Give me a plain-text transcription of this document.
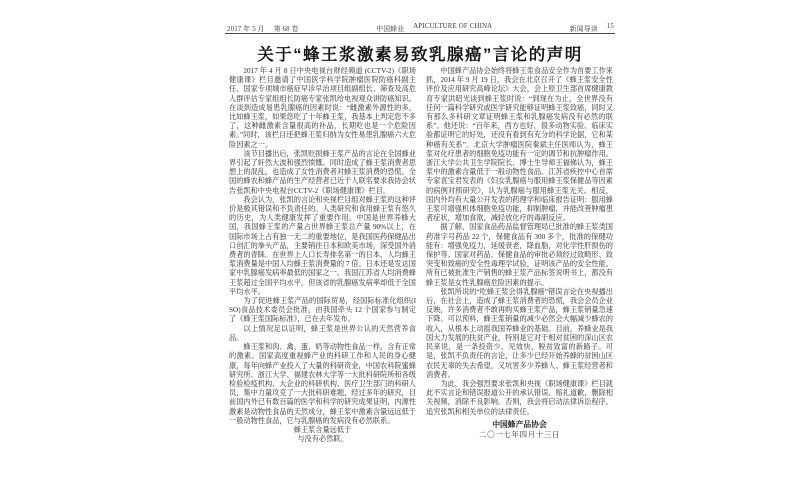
2017 年 5 月 第 68 卷	中国蜂业 APICULTURE OF CHINA	新闻导读 15
关于“蜂王浆激素易致乳腺癌”言论的声明

2017 年 4 月 8 日中央电视台财经频道 (CCTV-2)《职场健康课》栏目邀请了中国医学科学院肿瘤医院防癌科副主任、国家专项城市癌症早诊早治项目组副组长、筛查及高危人群评估专家组组长防癌专家张凯给电视观众讲防癌知识。在谈到造成易患乳腺癌的因素时说：“雌激素外源性的多，比如蜂王浆，如果您吃了十年蜂王浆，我基本上判定您不多了，这种雌激素含量很高的补品，长期吃也是一个危险因素。”同时，该栏目还把蜂王浆归纳为女性易患乳腺癌六大危险因素之一。

该节目播出后，张凯贬损蜂王浆产品的言论在全国蜂业界引起了轩然大波和强烈愤慨。同时造成了蜂王浆消费者思想上的混乱，也造成了女性消费者对蜂王浆消费的恐慌。全国的蜂农和蜂产品的生产经营者已近千人联名要求我协会状告张凯和中央电视台CCTV-2《职场健康课》栏目。

我会认为，张凯的言论和央视栏目组对蜂王浆的这种评价是极其错误和不负责任的。人类研究和食用蜂王浆有悠久的历史，为人类健康发挥了重要作用。中国是世界养蜂大国，我国蜂王浆的产量占世界蜂王浆总产量 90%以上，在国际市场上占有独一无二的重要地位，是我国医药保健品出口创汇的拳头产品，主要销往日本和欧美市场，深受国外消费者的青睐。在世界上人口长寿排名第一的日本，人均蜂王浆消费量是中国人均蜂王浆消费量的 7 倍。日本还是发达国家中乳腺癌发病率最低的国家之一。我国江苏省人均消费蜂王浆超过全国平均水平，但该省的乳腺癌发病率却低于全国平均水平。

为了促进蜂王浆产品的国际贸易，经国际标准化组织(ISO)食品技术委员会批准，由我国牵头 12 个国家参与制定了《蜂王浆国际标准》，已在去年发布。

以上情况足以证明，蜂王浆是世界公认的天然营养食品。

蜂王浆和肉、禽、蛋、奶等动物性食品一样，含有正常的激素。国家高度重视蜂产业的科研工作和人民的身心健康，每年向蜂产业投入了大量的科研资金，中国农科院蜜蜂研究所、浙江大学、福建农林大学等一大批科研院所和各级检验检疫机构、大企业的科研机构、医疗卫生部门的科研人员，集中力量攻克了一大批科研难题，经过多年的研究，目前国内外已有数百篇的医学和科学的研究成果证明，内源性激素是动物性食品的天然成分，蜂王浆中激素含量远远低于一般动物性食品，它与乳腺癌的发病没有必然联系。

蜂王浆含量远低于

与没有必然联。

中国蜂产品协会始终将蜂王浆食品安全作为首要工作来抓，2014 年 9 月 19 日，我会在北京召开了《蜂王浆安全性评价及应用研究高峰论坛》大会，会上原卫生部首席健康教育专家洪昭光谈到蜂王浆时说：“到现在为止，全世界没有任何一篇科学研究或医学研究能够证明蜂王浆致癌，同时又有那么多科研文章证明蜂王浆和乳腺癌发病没有必然的联系”。他还说：“百年来，西方也好，很多动物实验、临床实验都证明它的好处，还没有看到有充分的科学论据，它和某种癌有关系”。北京大学肿瘤医院秦斌主任医师认为，蜂王浆对化疗患者的细胞免疫功能有一定的调节和抗肿瘤作用。浙江大学公共卫生学院院长、博士生导师王福俤认为，蜂王浆中的激素含量低于一般动物性食品。江苏省疾控中心首席专家袁宝君发表的《妇女乳腺癌与服用蜂王浆保健品等因素的病例对照研究》，认为乳腺癌与服用蜂王浆无关。相反，国内外均有大量公开发表的药理学和临床报告证明：服用蜂王浆可增强机体细胞免疫功能，抑制肿瘤，并能改善肿瘤患者症状，增加食欲，减轻放化疗的毒副反应。

据了解，国家食品药品监督管理局已批准的蜂王浆类国药准字号药品 22 个，保健食品有 300 多个，批准的保健功能有：增强免疫力，延缓衰老，降血脂，对化学性肝损伤的保护等。国家对药品、保健食品的审批必须经过致畸形、致突变和致癌的安全性毒理学试验，证明该产品的安全性能。所有已被批准生产销售的蜂王浆产品标签说明书上，都没有蜂王浆是女性乳腺癌危险因素的提示。

张凯所说的“吃蜂王浆会得乳腺癌”错误言论在央视播出后，在社会上，造成了蜂王浆消费者的恐慌，我会会员企业反映，许多消费者不敢再购买蜂王浆产品，蜂王浆销量急速下降。可以预料，蜂王浆销量的减少必然会大幅减少蜂农的收入，从根本上动摇我国养蜂业的基础。目前，养蜂业是我国大力发展的扶贫产业，特别是它对于相对贫困的深山区农民来说，是一条投资少、见效快、脱贫致富的新路子。可是，张凯不负责任的言论，让多少已经开始养蜂的贫困山区农民无辜的失去希望，又坑害多少养蜂人、蜂王浆经营者和消费者。

为此，我会强烈要求张凯和央视《职场健康课》栏目就此不实言论和错误报道公开的承认错误、赔礼道歉，删除相关视频，消除不良影响。否则，我会将启动法律诉讼程序，追究张凯和相关单位的法律责任。

中国蜂产品协会
二〇一七年四月十三日
